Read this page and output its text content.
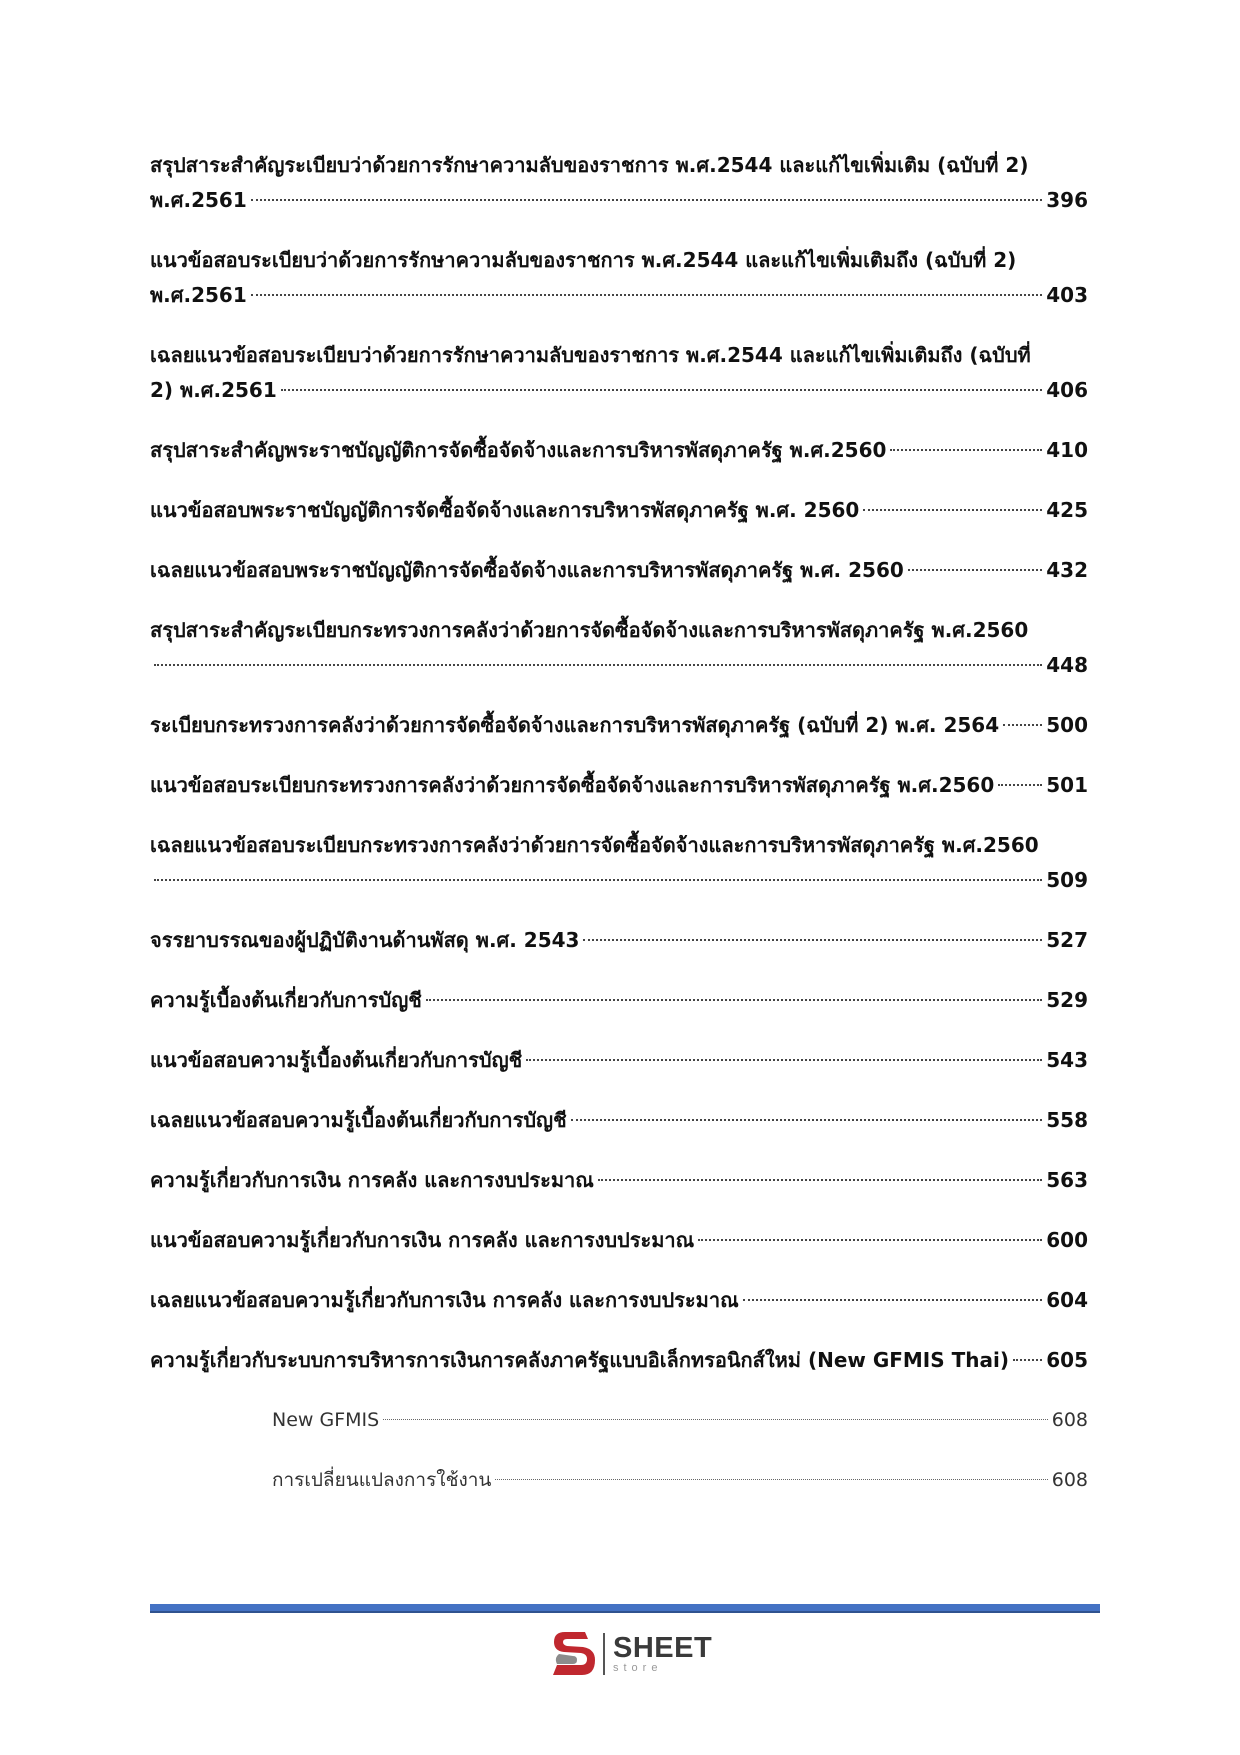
สรุปสาระสำคัญระเบียบว่าด้วยการรักษาความลับของราชการ พ.ศ.2544 และแก้ไขเพิ่มเติม (ฉบับที่ 2)
พ.ศ.2561	396
แนวข้อสอบระเบียบว่าด้วยการรักษาความลับของราชการ พ.ศ.2544 และแก้ไขเพิ่มเติมถึง (ฉบับที่ 2)
พ.ศ.2561	403
เฉลยแนวข้อสอบระเบียบว่าด้วยการรักษาความลับของราชการ พ.ศ.2544 และแก้ไขเพิ่มเติมถึง (ฉบับที่
2) พ.ศ.2561	406
สรุปสาระสำคัญพระราชบัญญัติการจัดซื้อจัดจ้างและการบริหารพัสดุภาครัฐ พ.ศ.2560	410
แนวข้อสอบพระราชบัญญัติการจัดซื้อจัดจ้างและการบริหารพัสดุภาครัฐ พ.ศ. 2560	425
เฉลยแนวข้อสอบพระราชบัญญัติการจัดซื้อจัดจ้างและการบริหารพัสดุภาครัฐ พ.ศ. 2560	432
สรุปสาระสำคัญระเบียบกระทรวงการคลังว่าด้วยการจัดซื้อจัดจ้างและการบริหารพัสดุภาครัฐ พ.ศ.2560
448
ระเบียบกระทรวงการคลังว่าด้วยการจัดซื้อจัดจ้างและการบริหารพัสดุภาครัฐ (ฉบับที่ 2) พ.ศ. 2564 500
แนวข้อสอบระเบียบกระทรวงการคลังว่าด้วยการจัดซื้อจัดจ้างและการบริหารพัสดุภาครัฐ พ.ศ.2560	501
เฉลยแนวข้อสอบระเบียบกระทรวงการคลังว่าด้วยการจัดซื้อจัดจ้างและการบริหารพัสดุภาครัฐ พ.ศ.2560
509
จรรยาบรรณของผู้ปฏิบัติงานด้านพัสดุ พ.ศ. 2543	527
ความรู้เบื้องต้นเกี่ยวกับการบัญชี	529
แนวข้อสอบความรู้เบื้องต้นเกี่ยวกับการบัญชี	543
เฉลยแนวข้อสอบความรู้เบื้องต้นเกี่ยวกับการบัญชี	558
ความรู้เกี่ยวกับการเงิน การคลัง และการงบประมาณ	563
แนวข้อสอบความรู้เกี่ยวกับการเงิน การคลัง และการงบประมาณ	600
เฉลยแนวข้อสอบความรู้เกี่ยวกับการเงิน การคลัง และการงบประมาณ	604
ความรู้เกี่ยวกับระบบการบริหารการเงินการคลังภาครัฐแบบอิเล็กทรอนิกส์ใหม่ (New GFMIS Thai) 605
New GFMIS	608
การเปลี่ยนแปลงการใช้งาน	608
SHEET
store
